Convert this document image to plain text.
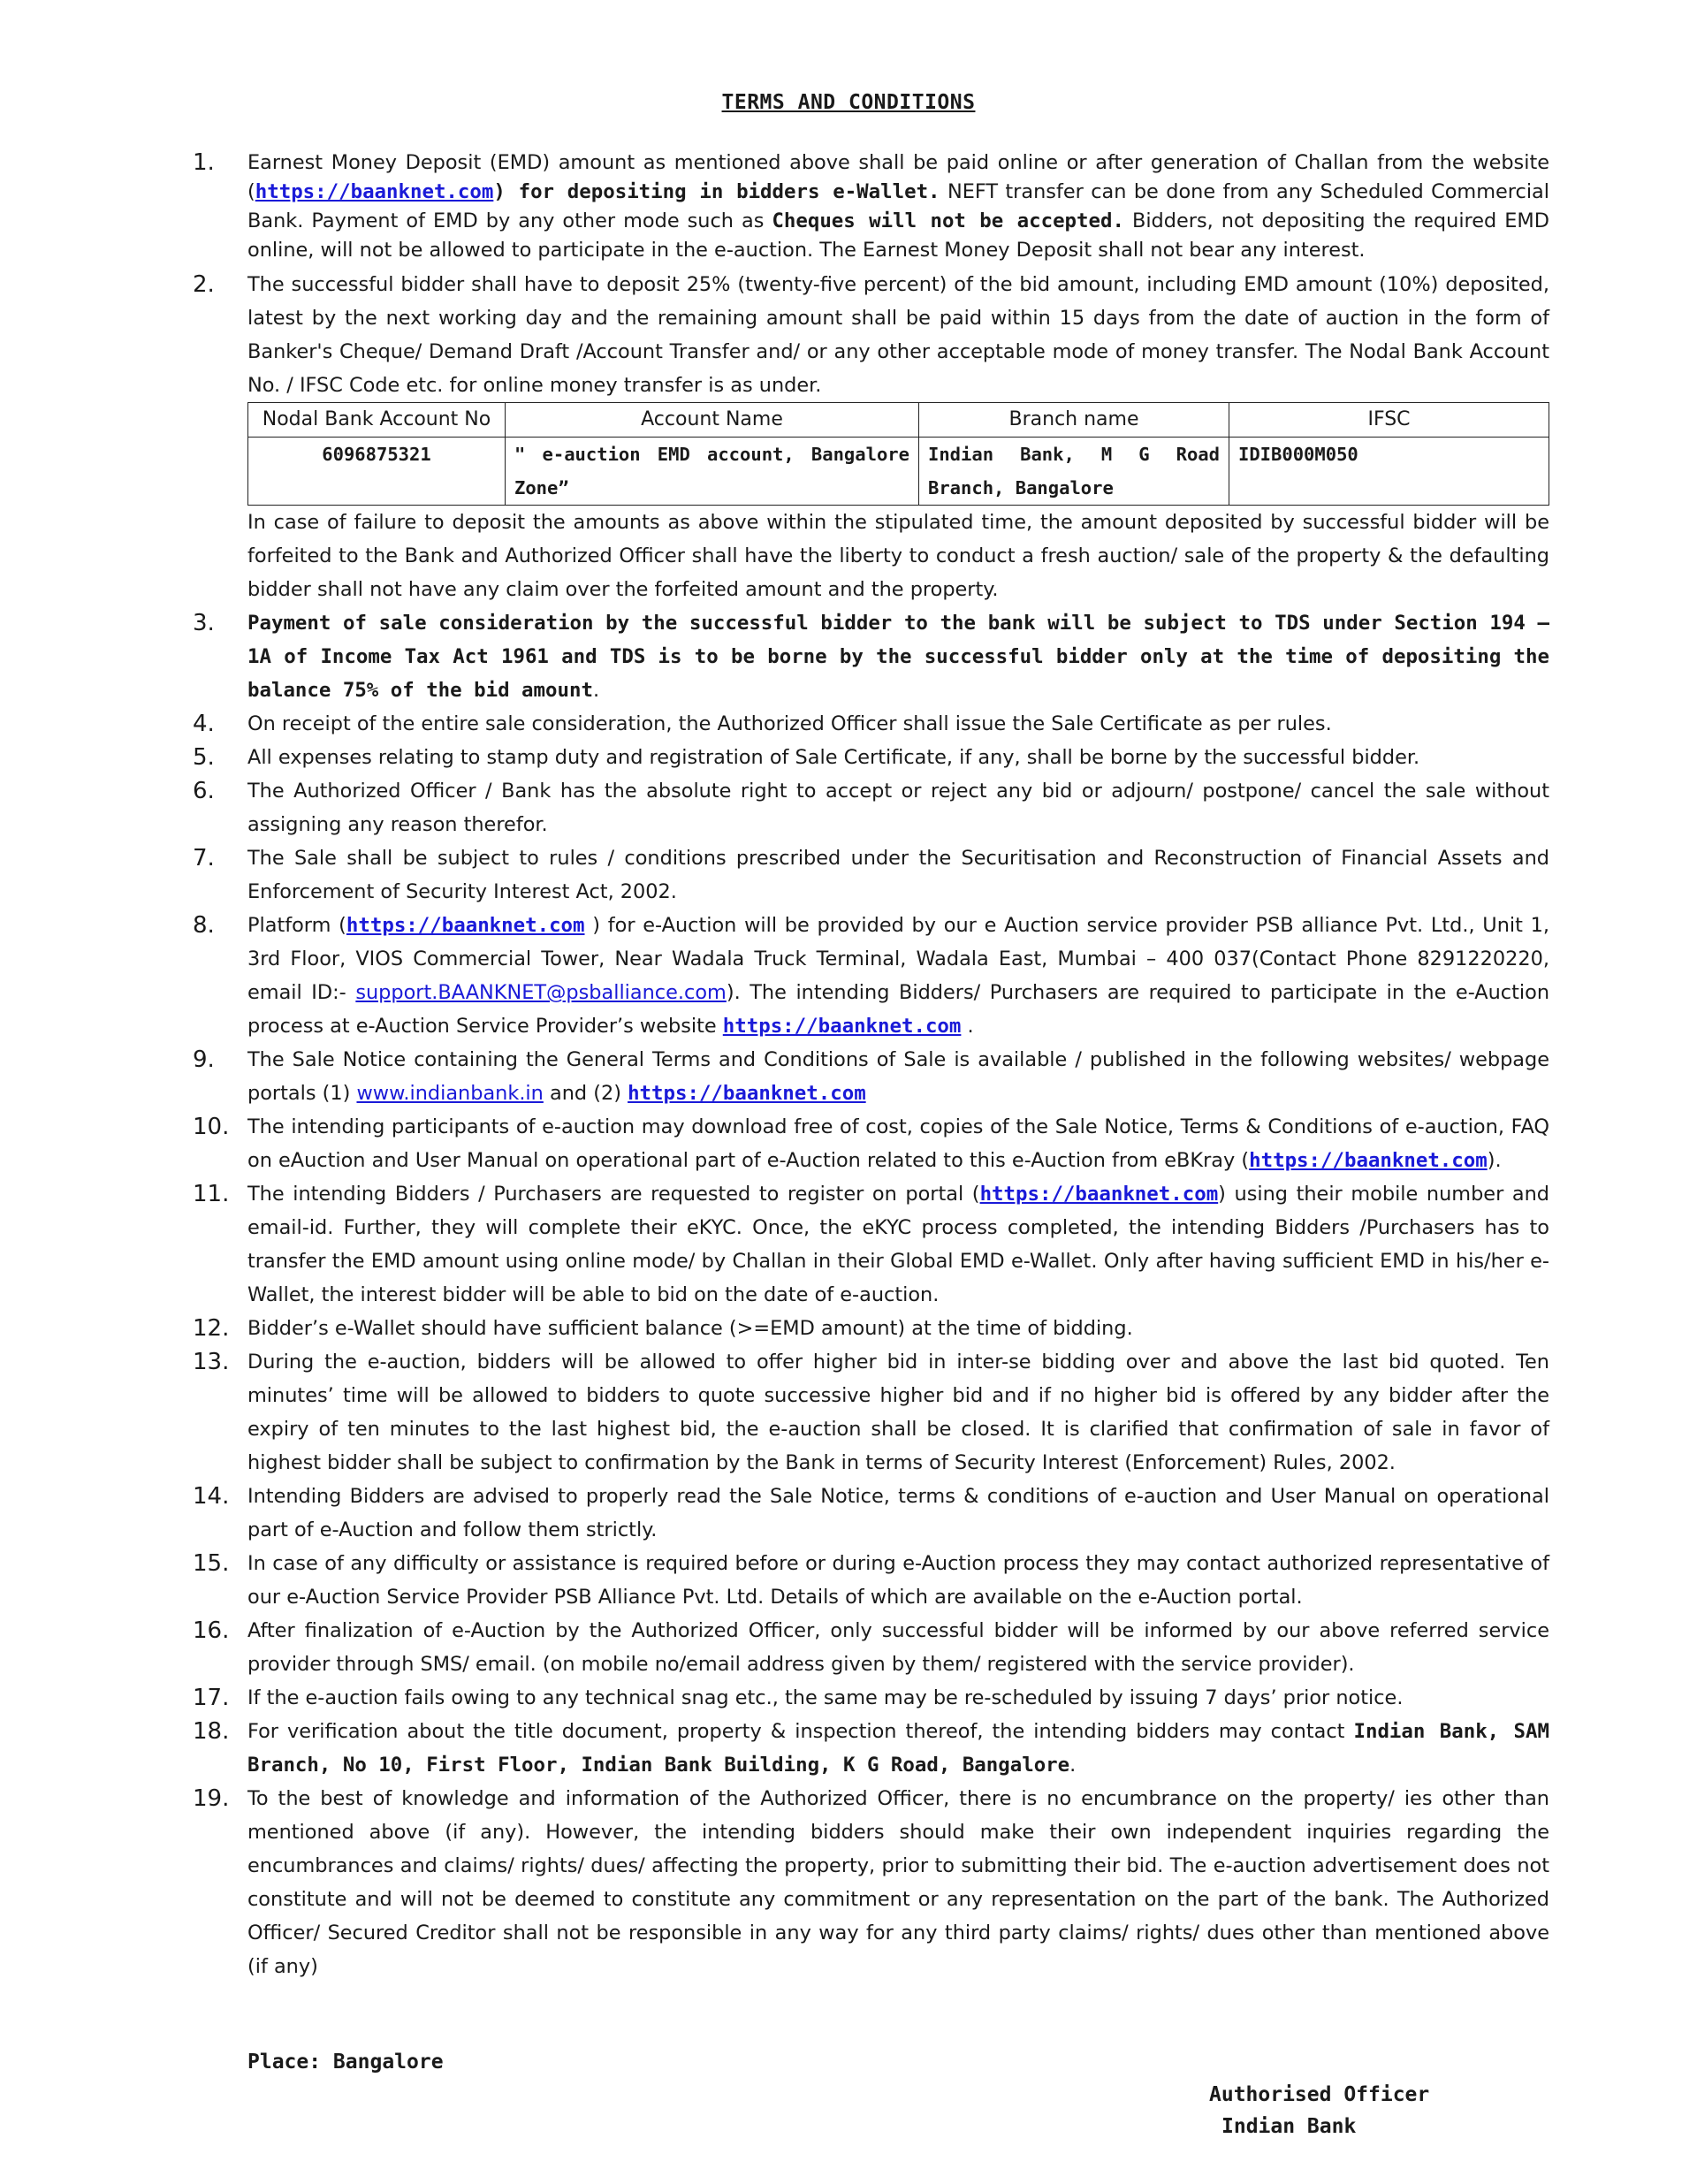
TERMS AND CONDITIONS
1. Earnest Money Deposit (EMD) amount as mentioned above shall be paid online or after generation of Challan from the website (https://baanknet.com) for depositing in bidders e-Wallet. NEFT transfer can be done from any Scheduled Commercial Bank. Payment of EMD by any other mode such as Cheques will not be accepted. Bidders, not depositing the required EMD online, will not be allowed to participate in the e-auction. The Earnest Money Deposit shall not bear any interest.
2. The successful bidder shall have to deposit 25% (twenty-five percent) of the bid amount, including EMD amount (10%) deposited, latest by the next working day and the remaining amount shall be paid within 15 days from the date of auction in the form of Banker's Cheque/ Demand Draft /Account Transfer and/ or any other acceptable mode of money transfer. The Nodal Bank Account No. / IFSC Code etc. for online money transfer is as under.
Nodal Bank Account No	Account Name	Branch name	IFSC
6096875321	" e-auction EMD account, Bangalore Zone”	Indian Bank, M G Road Branch, Bangalore	IDIB000M050
In case of failure to deposit the amounts as above within the stipulated time, the amount deposited by successful bidder will be forfeited to the Bank and Authorized Officer shall have the liberty to conduct a fresh auction/ sale of the property & the defaulting bidder shall not have any claim over the forfeited amount and the property.
3. Payment of sale consideration by the successful bidder to the bank will be subject to TDS under Section 194 – 1A of Income Tax Act 1961 and TDS is to be borne by the successful bidder only at the time of depositing the balance 75% of the bid amount.
4. On receipt of the entire sale consideration, the Authorized Officer shall issue the Sale Certificate as per rules.
5. All expenses relating to stamp duty and registration of Sale Certificate, if any, shall be borne by the successful bidder.
6. The Authorized Officer / Bank has the absolute right to accept or reject any bid or adjourn/ postpone/ cancel the sale without assigning any reason therefor.
7. The Sale shall be subject to rules / conditions prescribed under the Securitisation and Reconstruction of Financial Assets and Enforcement of Security Interest Act, 2002.
8. Platform (https://baanknet.com ) for e-Auction will be provided by our e Auction service provider PSB alliance Pvt. Ltd., Unit 1, 3rd Floor, VIOS Commercial Tower, Near Wadala Truck Terminal, Wadala East, Mumbai – 400 037(Contact Phone 8291220220, email ID:- support.BAANKNET@psballiance.com). The intending Bidders/ Purchasers are required to participate in the e-Auction process at e-Auction Service Provider’s website https://baanknet.com .
9. The Sale Notice containing the General Terms and Conditions of Sale is available / published in the following websites/ webpage portals (1) www.indianbank.in and (2) https://baanknet.com
10. The intending participants of e-auction may download free of cost, copies of the Sale Notice, Terms & Conditions of e-auction, FAQ on eAuction and User Manual on operational part of e-Auction related to this e-Auction from eBKray (https://baanknet.com).
11. The intending Bidders / Purchasers are requested to register on portal (https://baanknet.com) using their mobile number and email-id. Further, they will complete their eKYC. Once, the eKYC process completed, the intending Bidders /Purchasers has to transfer the EMD amount using online mode/ by Challan in their Global EMD e-Wallet. Only after having sufficient EMD in his/her e-Wallet, the interest bidder will be able to bid on the date of e-auction.
12. Bidder’s e-Wallet should have sufficient balance (>=EMD amount) at the time of bidding.
13. During the e-auction, bidders will be allowed to offer higher bid in inter-se bidding over and above the last bid quoted. Ten minutes’ time will be allowed to bidders to quote successive higher bid and if no higher bid is offered by any bidder after the expiry of ten minutes to the last highest bid, the e-auction shall be closed. It is clarified that confirmation of sale in favor of highest bidder shall be subject to confirmation by the Bank in terms of Security Interest (Enforcement) Rules, 2002.
14. Intending Bidders are advised to properly read the Sale Notice, terms & conditions of e-auction and User Manual on operational part of e-Auction and follow them strictly.
15. In case of any difficulty or assistance is required before or during e-Auction process they may contact authorized representative of our e-Auction Service Provider PSB Alliance Pvt. Ltd. Details of which are available on the e-Auction portal.
16. After finalization of e-Auction by the Authorized Officer, only successful bidder will be informed by our above referred service provider through SMS/ email. (on mobile no/email address given by them/ registered with the service provider).
17. If the e-auction fails owing to any technical snag etc., the same may be re-scheduled by issuing 7 days’ prior notice.
18. For verification about the title document, property & inspection thereof, the intending bidders may contact Indian Bank, SAM Branch, No 10, First Floor, Indian Bank Building, K G Road, Bangalore.
19. To the best of knowledge and information of the Authorized Officer, there is no encumbrance on the property/ ies other than mentioned above (if any). However, the intending bidders should make their own independent inquiries regarding the encumbrances and claims/ rights/ dues/ affecting the property, prior to submitting their bid. The e-auction advertisement does not constitute and will not be deemed to constitute any commitment or any representation on the part of the bank. The Authorized Officer/ Secured Creditor shall not be responsible in any way for any third party claims/ rights/ dues other than mentioned above (if any)
Place: Bangalore
Authorised Officer
Indian Bank
